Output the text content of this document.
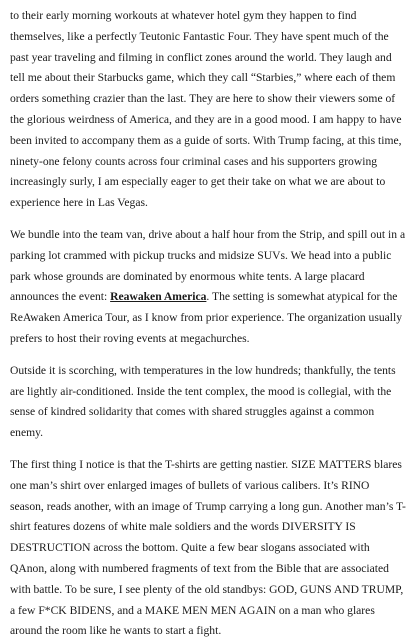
to their early morning workouts at whatever hotel gym they happen to find themselves, like a perfectly Teutonic Fantastic Four. They have spent much of the past year traveling and filming in conflict zones around the world. They laugh and tell me about their Starbucks game, which they call “Starbies,” where each of them orders something crazier than the last. They are here to show their viewers some of the glorious weirdness of America, and they are in a good mood. I am happy to have been invited to accompany them as a guide of sorts. With Trump facing, at this time, ninety-one felony counts across four criminal cases and his supporters growing increasingly surly, I am especially eager to get their take on what we are about to experience here in Las Vegas.

We bundle into the team van, drive about a half hour from the Strip, and spill out in a parking lot crammed with pickup trucks and midsize SUVs. We head into a public park whose grounds are dominated by enormous white tents. A large placard announces the event: Reawaken America. The setting is somewhat atypical for the ReAwaken America Tour, as I know from prior experience. The organization usually prefers to host their roving events at megachurches.

Outside it is scorching, with temperatures in the low hundreds; thankfully, the tents are lightly air-conditioned. Inside the tent complex, the mood is collegial, with the sense of kindred solidarity that comes with shared struggles against a common enemy.

The first thing I notice is that the T-shirts are getting nastier. SIZE MATTERS blares one man’s shirt over enlarged images of bullets of various calibers. It’s RINO season, reads another, with an image of Trump carrying a long gun. Another man’s T-shirt features dozens of white male soldiers and the words DIVERSITY IS DESTRUCTION across the bottom. Quite a few bear slogans associated with QAnon, along with numbered fragments of text from the Bible that are associated with battle. To be sure, I see plenty of the old standbys: GOD, GUNS AND TRUMP, a few F*CK BIDENS, and a MAKE MEN MEN AGAIN on a man who glares around the room like he wants to start a fight.
